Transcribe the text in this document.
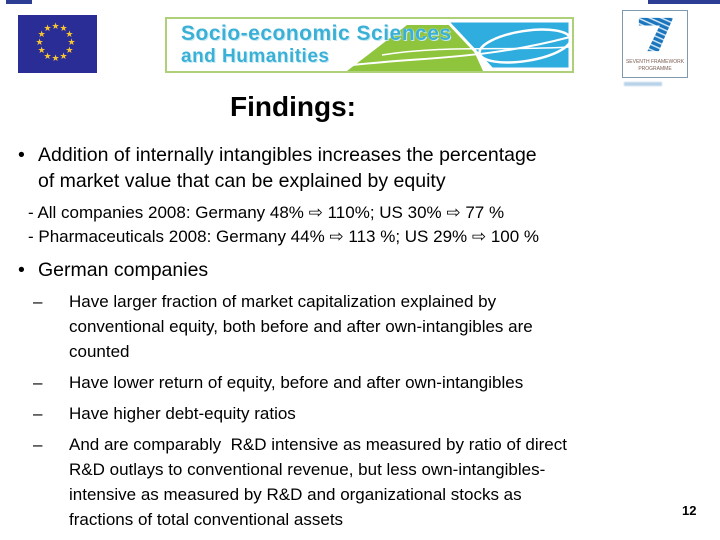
★ ★
★
★
★
★
★
★
★
★
★
★	Socio-economic Sciences
and Humanities	SEVENTH FRAMEWORK
PROGRAMME
Findings:
• Addition of internally intangibles increases the percentage
of market value that can be explained by equity
- All companies 2008: Germany 48% ⇨ 110%; US 30% ⇨ 77 %
- Pharmaceuticals 2008: Germany 44% ⇨ 113 %; US 29% ⇨ 100 %
• German companies
–	Have larger fraction of market capitalization explained by
conventional equity, both before and after own-intangibles are
counted
–	Have lower return of equity, before and after own-intangibles
–	Have higher debt-equity ratios
–	And are comparably  R&D intensive as measured by ratio of direct
R&D outlays to conventional revenue, but less own-intangibles-
intensive as measured by R&D and organizational stocks as
fractions of total conventional assets	12
